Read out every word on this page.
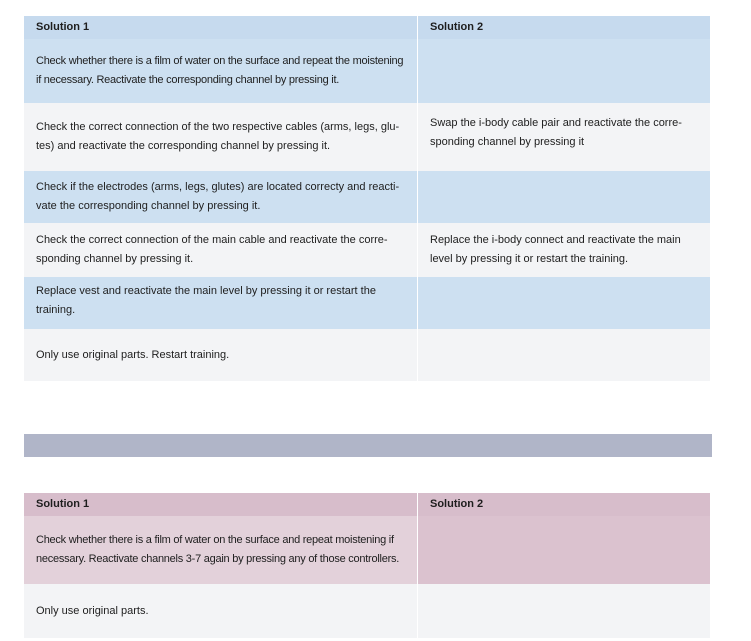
Solution 1	Solution 2
Check whether there is a film of water on the surface and repeat the moistening if necessary. Reactivate the corresponding channel by pressing it.
Check the correct connection of the two respective cables (arms, legs, glu-tes) and reactivate the corresponding channel by pressing it.
Swap the i-body cable pair and reactivate the corre-sponding channel by pressing it
Check if the electrodes (arms, legs, glutes) are located correcty and reacti-vate the corresponding channel by pressing it.
Check the correct connection of the main cable and reactivate the corre-sponding channel by pressing it.
Replace the i-body connect and reactivate the main level by pressing it or restart the training.
Replace vest and reactivate the main level by pressing it or restart the training.
Only use original parts. Restart training.
Solution 1	Solution 2
Check whether there is a film of water on the surface and repeat moistening if necessary. Reactivate channels 3-7 again by pressing any of those controllers.
Only use original parts.
